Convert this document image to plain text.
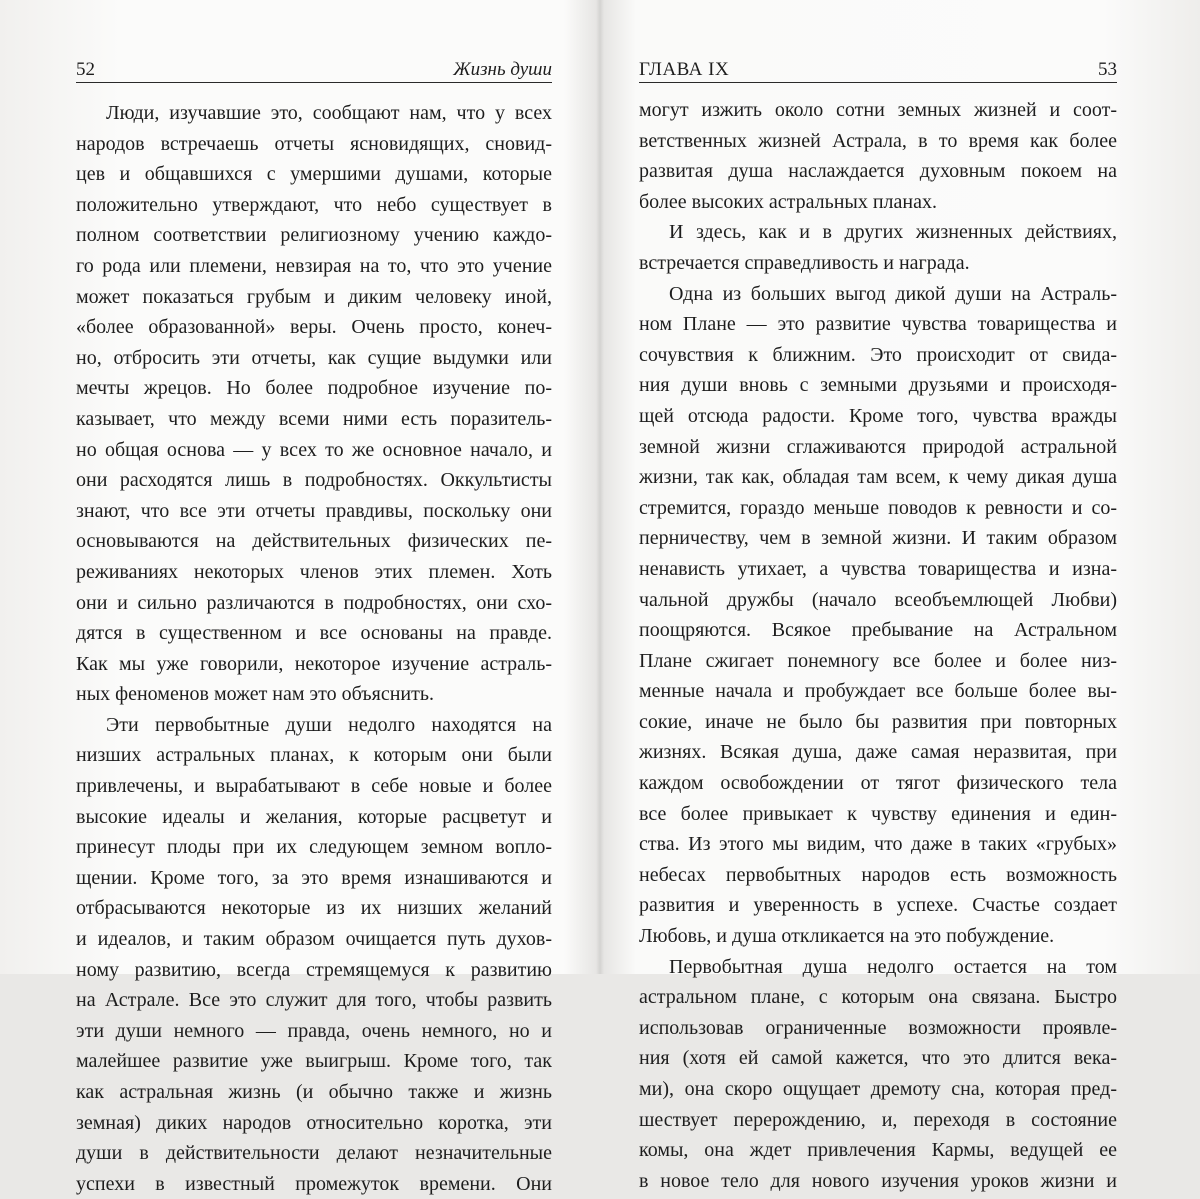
52	Жизнь души
Люди, изучавшие это, сообщают нам, что у всех
народов встречаешь отчеты ясновидящих, сновид-
цев и общавшихся с умершими душами, которые
положительно утверждают, что небо существует в
полном соответствии религиозному учению каждо-
го рода или племени, невзирая на то, что это учение
может показаться грубым и диким человеку иной,
«более образованной» веры. Очень просто, конеч-
но, отбросить эти отчеты, как сущие выдумки или
мечты жрецов. Но более подробное изучение по-
казывает, что между всеми ними есть поразитель-
но общая основа — у всех то же основное начало, и
они расходятся лишь в подробностях. Оккультисты
знают, что все эти отчеты правдивы, поскольку они
основываются на действительных физических пе-
реживаниях некоторых членов этих племен. Хоть
они и сильно различаются в подробностях, они схо-
дятся в существенном и все основаны на правде.
Как мы уже говорили, некоторое изучение астраль-
ных феноменов может нам это объяснить.
Эти первобытные души недолго находятся на
низших астральных планах, к которым они были
привлечены, и вырабатывают в себе новые и более
высокие идеалы и желания, которые расцветут и
принесут плоды при их следующем земном вопло-
щении. Кроме того, за это время изнашиваются и
отбрасываются некоторые из их низших желаний
и идеалов, и таким образом очищается путь духов-
ному развитию, всегда стремящемуся к развитию
на Астрале. Все это служит для того, чтобы развить
эти души немного — правда, очень немного, но и
малейшее развитие уже выигрыш. Кроме того, так
как астральная жизнь (и обычно также и жизнь
земная) диких народов относительно коротка, эти
души в действительности делают незначительные
успехи в известный промежуток времени. Они
ГЛАВА IX	53
могут изжить около сотни земных жизней и соот-
ветственных жизней Астрала, в то время как более
развитая душа наслаждается духовным покоем на
более высоких астральных планах.
И здесь, как и в других жизненных действиях,
встречается справедливость и награда.
Одна из больших выгод дикой души на Астраль-
ном Плане — это развитие чувства товарищества и
сочувствия к ближним. Это происходит от свида-
ния души вновь с земными друзьями и происходя-
щей отсюда радости. Кроме того, чувства вражды
земной жизни сглаживаются природой астральной
жизни, так как, обладая там всем, к чему дикая душа
стремится, гораздо меньше поводов к ревности и со-
перничеству, чем в земной жизни. И таким образом
ненависть утихает, а чувства товарищества и изна-
чальной дружбы (начало всеобъемлющей Любви)
поощряются. Всякое пребывание на Астральном
Плане сжигает понемногу все более и более низ-
менные начала и пробуждает все больше более вы-
сокие, иначе не было бы развития при повторных
жизнях. Всякая душа, даже самая неразвитая, при
каждом освобождении от тягот физического тела
все более привыкает к чувству единения и един-
ства. Из этого мы видим, что даже в таких «грубых»
небесах первобытных народов есть возможность
развития и уверенность в успехе. Счастье создает
Любовь, и душа откликается на это побуждение.
Первобытная душа недолго остается на том
астральном плане, с которым она связана. Быстро
использовав ограниченные возможности проявле-
ния (хотя ей самой кажется, что это длится века-
ми), она скоро ощущает дремоту сна, которая пред-
шествует перерождению, и, переходя в состояние
комы, она ждет привлечения Кармы, ведущей ее
в новое тело для нового изучения уроков жизни и
